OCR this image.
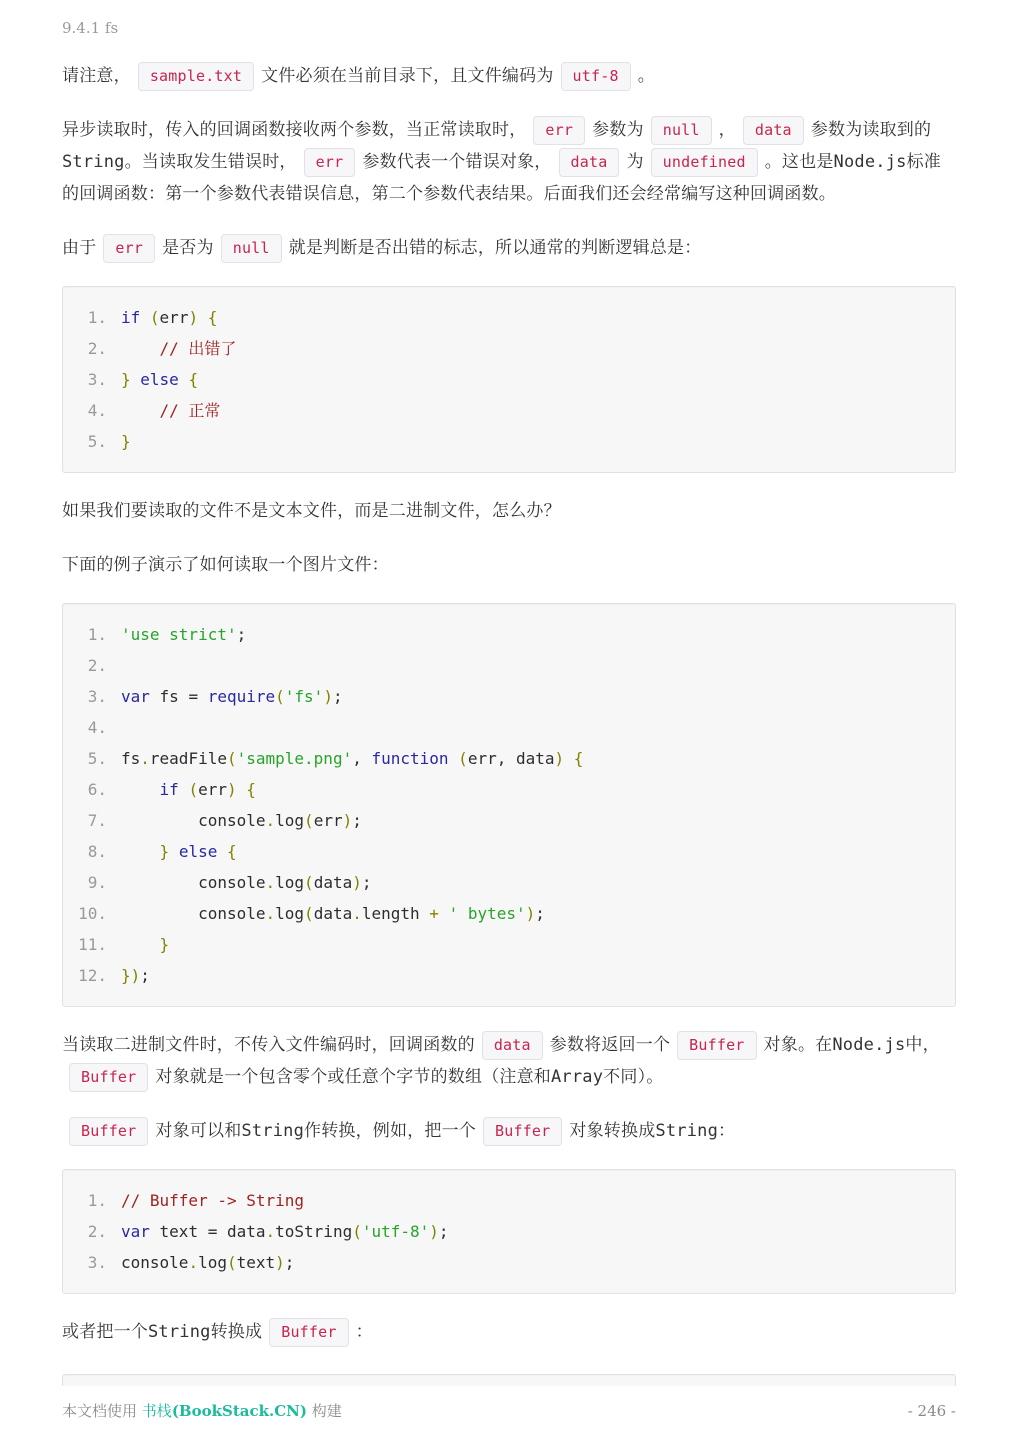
9.4.1 fs
请注意， sample.txt 文件必须在当前目录下，且文件编码为 utf-8 。
异步读取时，传入的回调函数接收两个参数，当正常读取时， err 参数为 null ， data 参数为读取到的String。当读取发生错误时， err 参数代表一个错误对象， data 为 undefined 。这也是Node.js标准的回调函数：第一个参数代表错误信息，第二个参数代表结果。后面我们还会经常编写这种回调函数。
由于 err 是否为 null 就是判断是否出错的标志，所以通常的判断逻辑总是：
1. if (err) {
2. // 出错了
3. } else {
4. // 正常
5. }
如果我们要读取的文件不是文本文件，而是二进制文件，怎么办？
下面的例子演示了如何读取一个图片文件：
1. 'use strict';
2.
3. var fs = require('fs');
4.
5. fs.readFile('sample.png', function (err, data) {
6.	if (err) {
7. console.log(err);
8.	} else {
9. console.log(data);
10. console.log(data.length + ' bytes');
11.	}
12. });
当读取二进制文件时，不传入文件编码时，回调函数的 data 参数将返回一个 Buffer 对象。在Node.js中，Buffer 对象就是一个包含零个或任意个字节的数组（注意和Array不同）。
Buffer 对象可以和String作转换，例如，把一个 Buffer 对象转换成String：
1. // Buffer -> String
2. var text = data.toString('utf-8');
3. console.log(text);
或者把一个String转换成 Buffer ：
本文档使用 书栈(BookStack.CN) 构建	- 246 -
